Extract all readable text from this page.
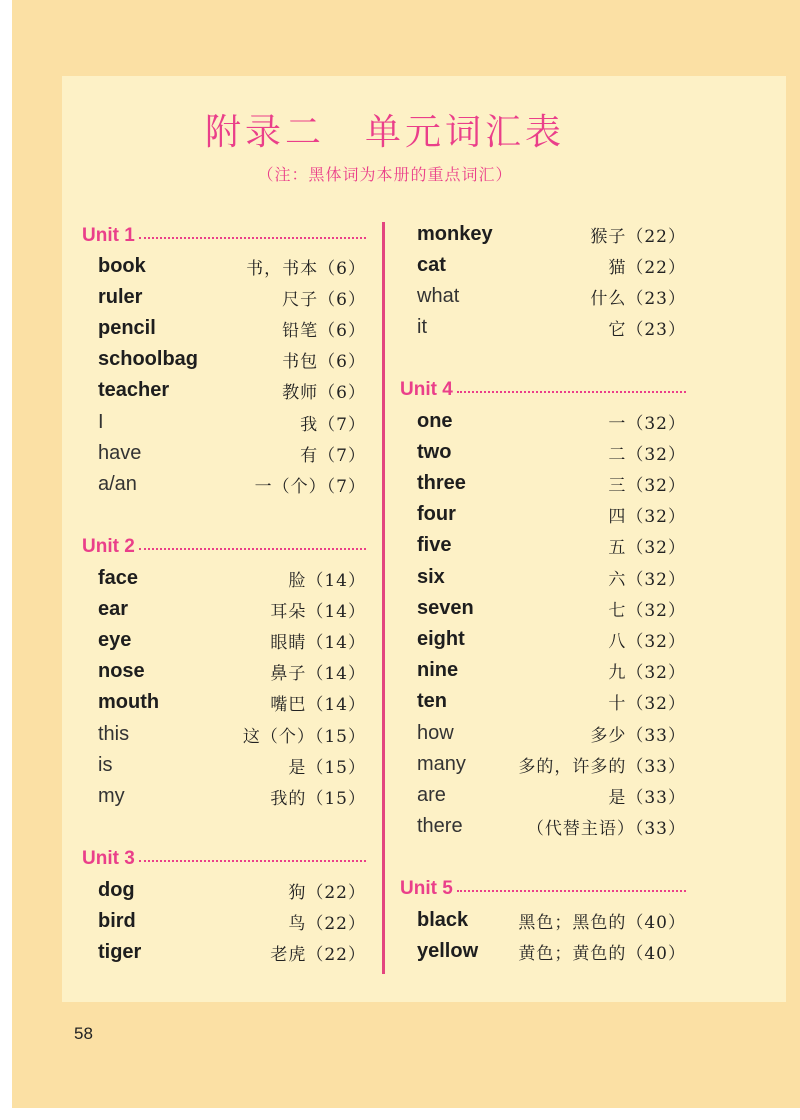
附录二　单元词汇表
（注：黑体词为本册的重点词汇）
Unit 1
book	书，书本（6）
ruler	尺子（6）
pencil	铅笔（6）
schoolbag	书包（6）
teacher	教师（6）
I	我（7）
have	有（7）
a/an	一（个）（7）
Unit 2
face	脸（14）
ear	耳朵（14）
eye	眼睛（14）
nose	鼻子（14）
mouth	嘴巴（14）
this	这（个）（15）
is	是（15）
my	我的（15）
Unit 3
dog	狗（22）
bird	鸟（22）
tiger	老虎（22）
monkey	猴子（22）
cat	猫（22）
what	什么（23）
it	它（23）
Unit 4
one	一（32）
two	二（32）
three	三（32）
four	四（32）
five	五（32）
six	六（32）
seven	七（32）
eight	八（32）
nine	九（32）
ten	十（32）
how	多少（33）
many	多的，许多的（33）
are	是（33）
there	（代替主语）（33）
Unit 5
black	黑色；黑色的（40）
yellow 黄色；黄色的（40）
58
